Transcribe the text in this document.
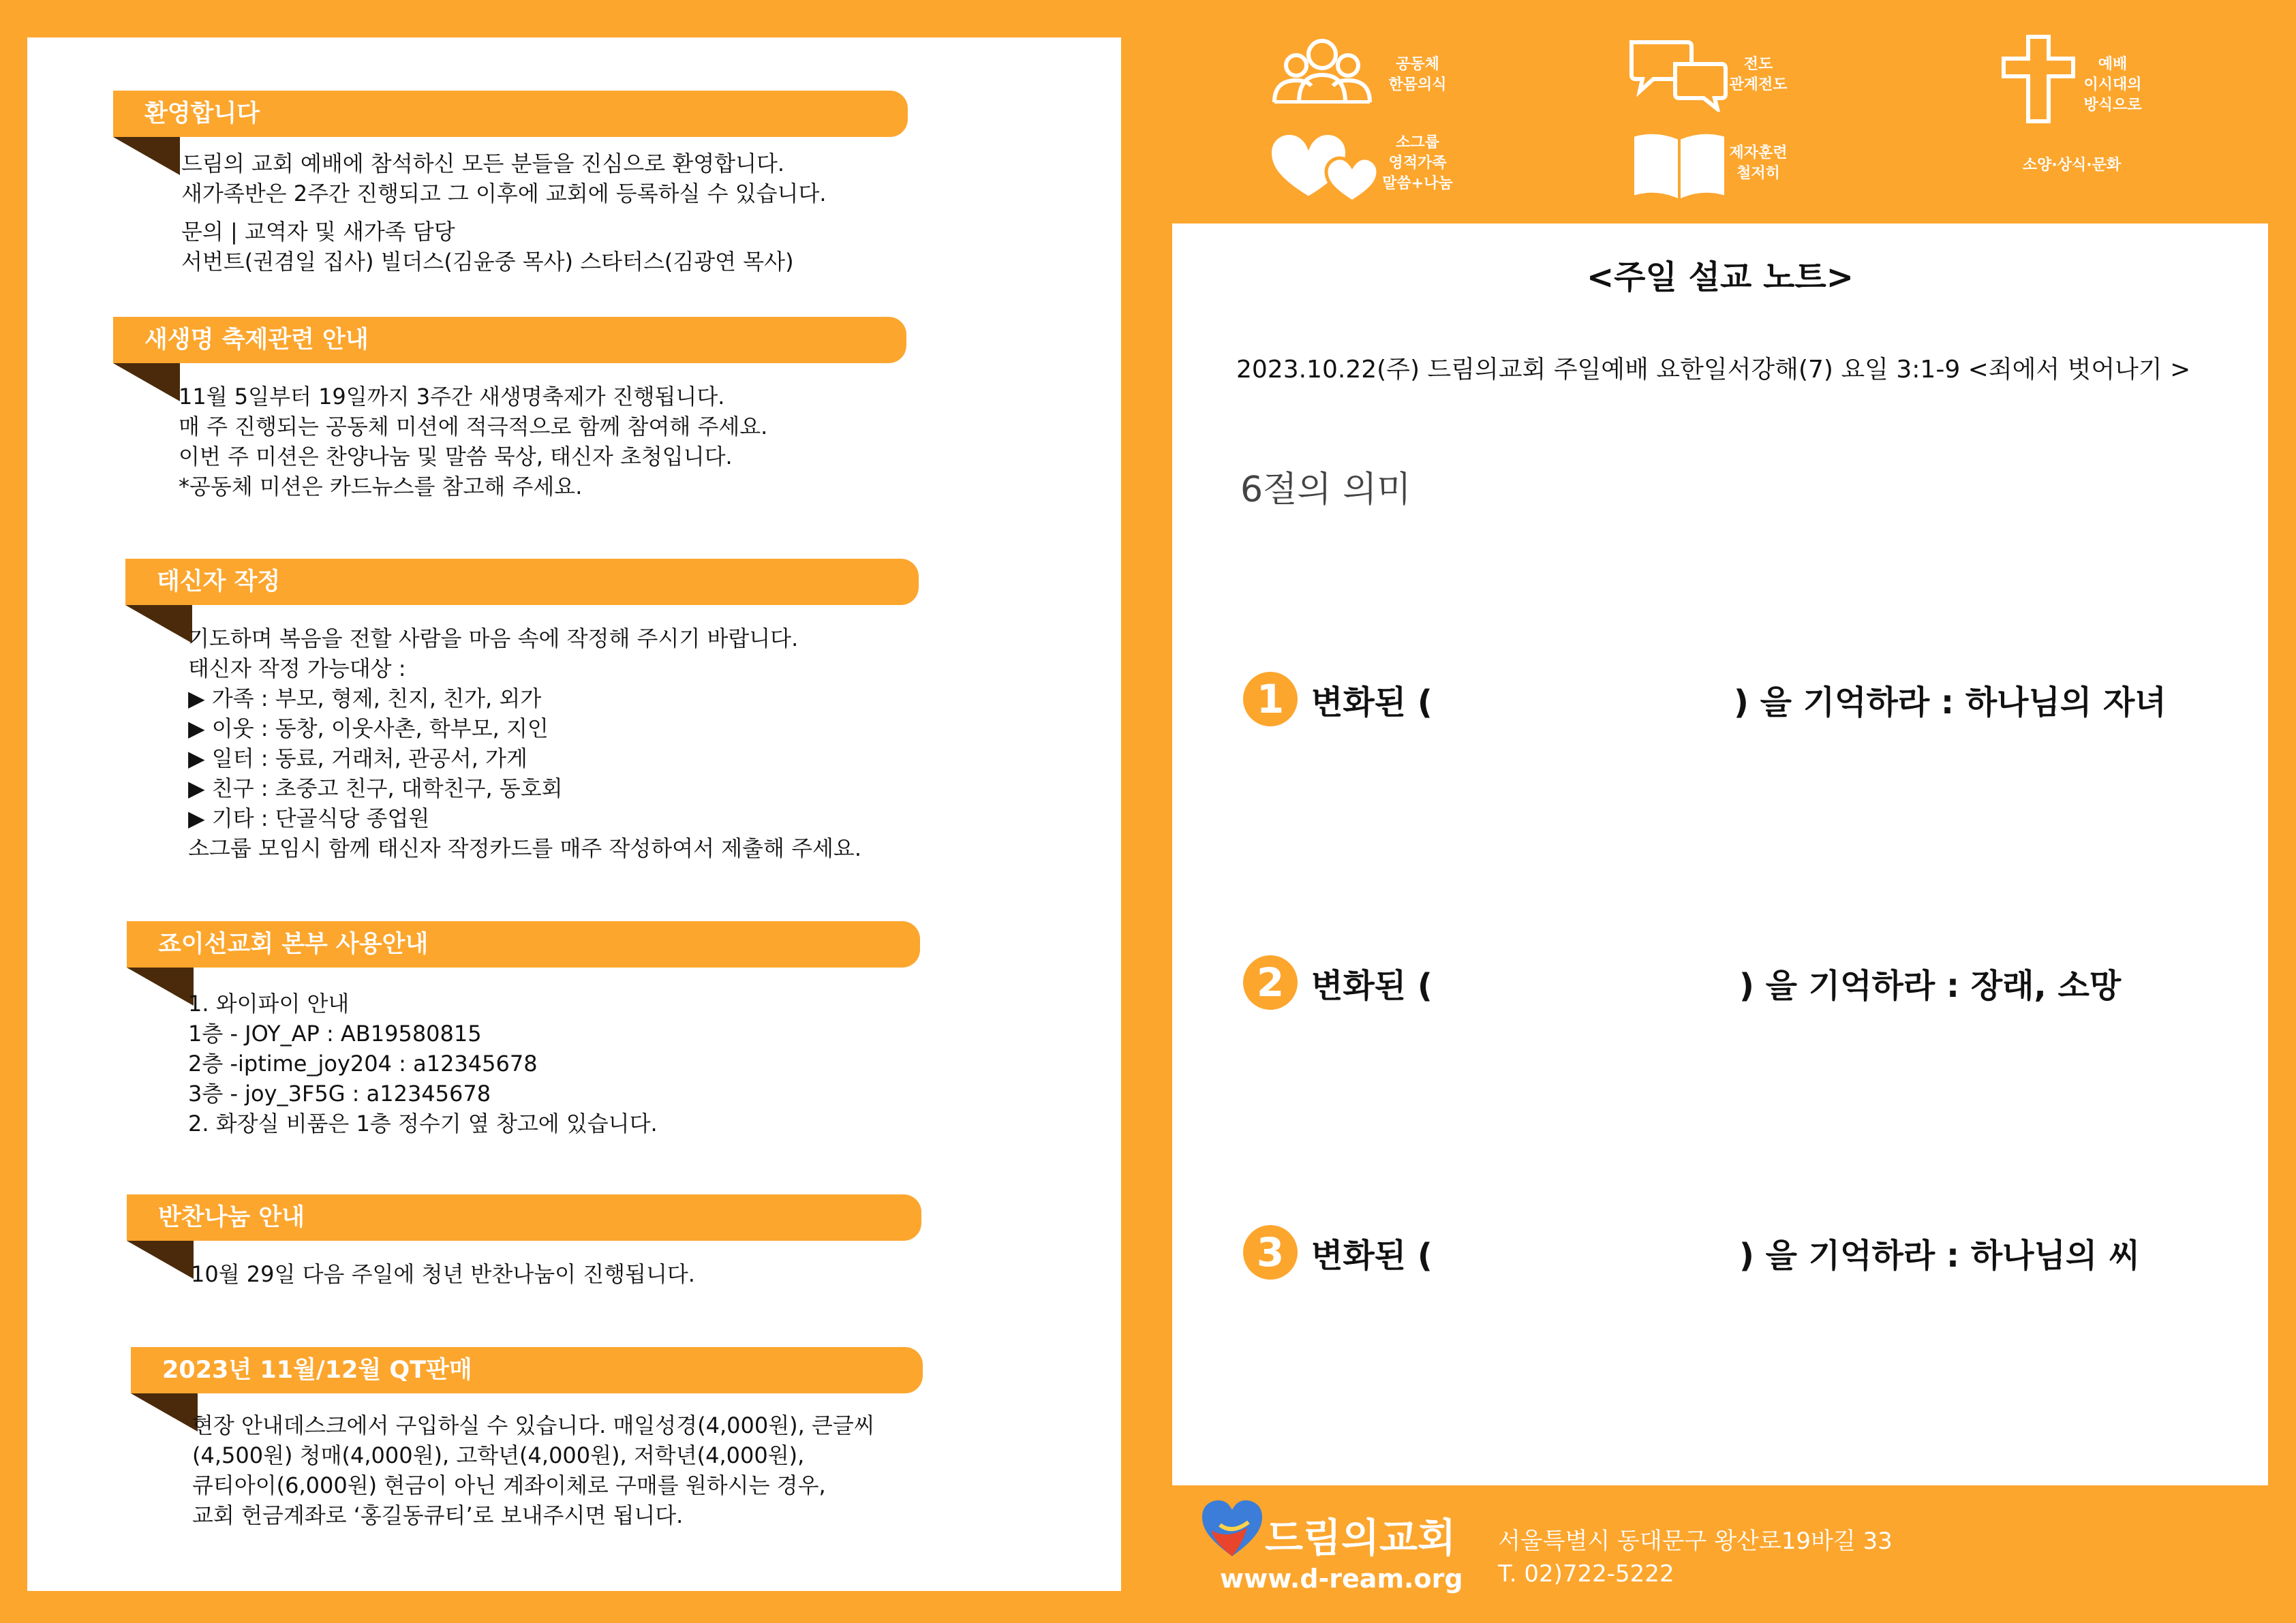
환영합니다
드림의 교회 예배에 참석하신 모든 분들을 진심으로 환영합니다.
새가족반은 2주간 진행되고 그 이후에 교회에 등록하실 수 있습니다.
문의 | 교역자 및 새가족 담당
서번트(권겸일 집사) 빌더스(김윤중 목사) 스타터스(김광연 목사)
새생명 축제관련 안내
11월 5일부터 19일까지 3주간 새생명축제가 진행됩니다.
매 주 진행되는 공동체 미션에 적극적으로 함께 참여해 주세요.
이번 주 미션은 찬양나눔 및 말씀 묵상, 태신자 초청입니다.
*공동체 미션은 카드뉴스를 참고해 주세요.
태신자 작정
기도하며 복음을 전할 사람을 마음 속에 작정해 주시기 바랍니다.
태신자 작정 가능대상 :
▶ 가족 : 부모, 형제, 친지, 친가, 외가
▶ 이웃 : 동창, 이웃사촌, 학부모, 지인
▶ 일터 : 동료, 거래처, 관공서, 가게
▶ 친구 : 초중고 친구, 대학친구, 동호회
▶ 기타 : 단골식당 종업원
소그룹 모임시 함께 태신자 작정카드를 매주 작성하여서 제출해 주세요.
죠이선교회 본부 사용안내
1. 와이파이 안내
1층 - JOY_AP : AB19580815
2층 -iptime_joy204 : a12345678
3층 - joy_3F5G : a12345678
2. 화장실 비품은 1층 정수기 옆 창고에 있습니다.
반찬나눔 안내
10월 29일 다음 주일에 청년 반찬나눔이 진행됩니다.
2023년 11월/12월 QT판매
현장 안내데스크에서 구입하실 수 있습니다. 매일성경(4,000원), 큰글씨
(4,500원) 청매(4,000원), 고학년(4,000원), 저학년(4,000원),
큐티아이(6,000원) 현금이 아닌 계좌이체로 구매를 원하시는 경우,
교회 헌금계좌로 ‘홍길동큐티’로 보내주시면 됩니다.
공동체
한몸의식
전도
관계전도
예배
이시대의
방식으로
소그룹
영적가족
말씀+나눔
제자훈련
철저히	소양·상식·문화
<주일 설교 노트>
2023.10.22(주) 드림의교회 주일예배 요한일서강해(7) 요일 3:1-9 <죄에서 벗어나기 >
6절의 의미
1 변화된 (	) 을 기억하라 : 하나님의 자녀
2 변화된 (	) 을 기억하라 : 장래, 소망
3 변화된 (	) 을 기억하라 : 하나님의 씨
드림의교회
www.d-ream.org
서울특별시 동대문구 왕산로19바길 33
T. 02)722-5222
